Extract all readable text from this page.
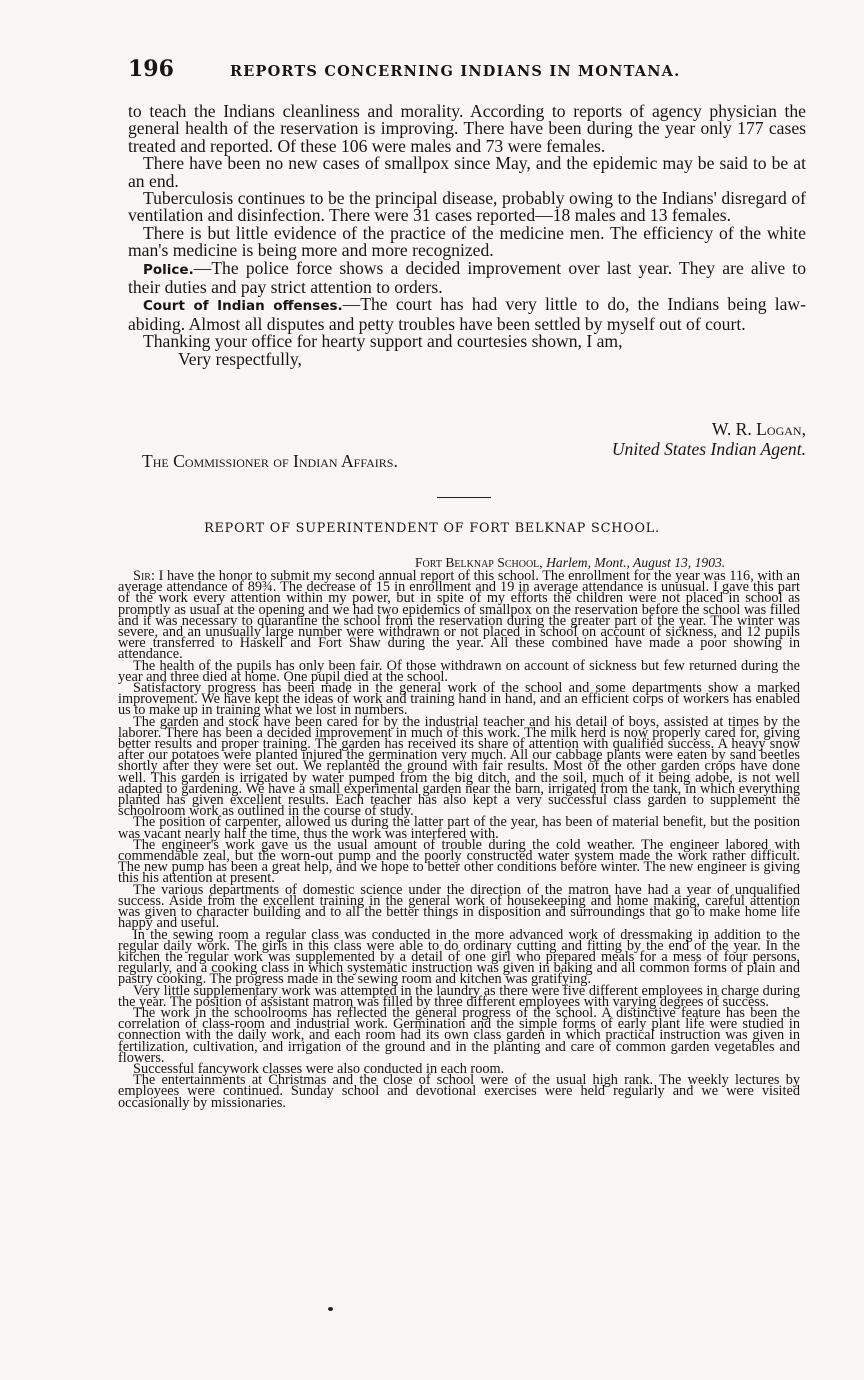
196	REPORTS CONCERNING INDIANS IN MONTANA.

to teach the Indians cleanliness and morality. According to reports of agency physician the general health of the reservation is improving. There have been during the year only 177 cases treated and reported. Of these 106 were males and 73 were females.

There have been no new cases of smallpox since May, and the epidemic may be said to be at an end.

Tuberculosis continues to be the principal disease, probably owing to the Indians' disregard of ventilation and disinfection. There were 31 cases reported—18 males and 13 females.

There is but little evidence of the practice of the medicine men. The efficiency of the white man's medicine is being more and more recognized.

Police.—The police force shows a decided improvement over last year. They are alive to their duties and pay strict attention to orders.

Court of Indian offenses.—The court has had very little to do, the Indians being law-abiding. Almost all disputes and petty troubles have been settled by myself out of court.

Thanking your office for hearty support and courtesies shown, I am,

Very respectfully,

W. R. Logan,
United States Indian Agent.
The Commissioner of Indian Affairs.
REPORT OF SUPERINTENDENT OF FORT BELKNAP SCHOOL.
Fort Belknap School, Harlem, Mont., August 13, 1903.

Sir: I have the honor to submit my second annual report of this school. The enrollment for the year was 116, with an average attendance of 89¾. The decrease of 15 in enrollment and 19 in average attendance is unusual. I gave this part of the work every attention within my power, but in spite of my efforts the children were not placed in school as promptly as usual at the opening and we had two epidemics of smallpox on the reservation before the school was filled and it was necessary to quarantine the school from the reservation during the greater part of the year. The winter was severe, and an unusually large number were withdrawn or not placed in school on account of sickness, and 12 pupils were transferred to Haskell and Fort Shaw during the year. All these combined have made a poor showing in attendance.

The health of the pupils has only been fair. Of those withdrawn on account of sickness but few returned during the year and three died at home. One pupil died at the school.

Satisfactory progress has been made in the general work of the school and some departments show a marked improvement. We have kept the ideas of work and training hand in hand, and an efficient corps of workers has enabled us to make up in training what we lost in numbers.

The garden and stock have been cared for by the industrial teacher and his detail of boys, assisted at times by the laborer. There has been a decided improvement in much of this work. The milk herd is now properly cared for, giving better results and proper training. The garden has received its share of attention with qualified success. A heavy snow after our potatoes were planted injured the germination very much. All our cabbage plants were eaten by sand beetles shortly after they were set out. We replanted the ground with fair results. Most of the other garden crops have done well. This garden is irrigated by water pumped from the big ditch, and the soil, much of it being adobe, is not well adapted to gardening. We have a small experimental garden near the barn, irrigated from the tank, in which everything planted has given excellent results. Each teacher has also kept a very successful class garden to supplement the schoolroom work as outlined in the course of study.

The position of carpenter, allowed us during the latter part of the year, has been of material benefit, but the position was vacant nearly half the time, thus the work was interfered with.

The engineer's work gave us the usual amount of trouble during the cold weather. The engineer labored with commendable zeal, but the worn-out pump and the poorly constructed water system made the work rather difficult. The new pump has been a great help, and we hope to better other conditions before winter. The new engineer is giving this his attention at present.

The various departments of domestic science under the direction of the matron have had a year of unqualified success. Aside from the excellent training in the general work of housekeeping and home making, careful attention was given to character building and to all the better things in disposition and surroundings that go to make home life happy and useful.

In the sewing room a regular class was conducted in the more advanced work of dressmaking in addition to the regular daily work. The girls in this class were able to do ordinary cutting and fitting by the end of the year. In the kitchen the regular work was supplemented by a detail of one girl who prepared meals for a mess of four persons, regularly, and a cooking class in which systematic instruction was given in baking and all common forms of plain and pastry cooking. The progress made in the sewing room and kitchen was gratifying.

Very little supplementary work was attempted in the laundry as there were five different employees in charge during the year. The position of assistant matron was filled by three different employees with varying degrees of success.

The work in the schoolrooms has reflected the general progress of the school. A distinctive feature has been the correlation of class-room and industrial work. Germination and the simple forms of early plant life were studied in connection with the daily work, and each room had its own class garden in which practical instruction was given in fertilization, cultivation, and irrigation of the ground and in the planting and care of common garden vegetables and flowers.

Successful fancywork classes were also conducted in each room.

The entertainments at Christmas and the close of school were of the usual high rank. The weekly lectures by employees were continued. Sunday school and devotional exercises were held regularly and we were visited occasionally by missionaries.
